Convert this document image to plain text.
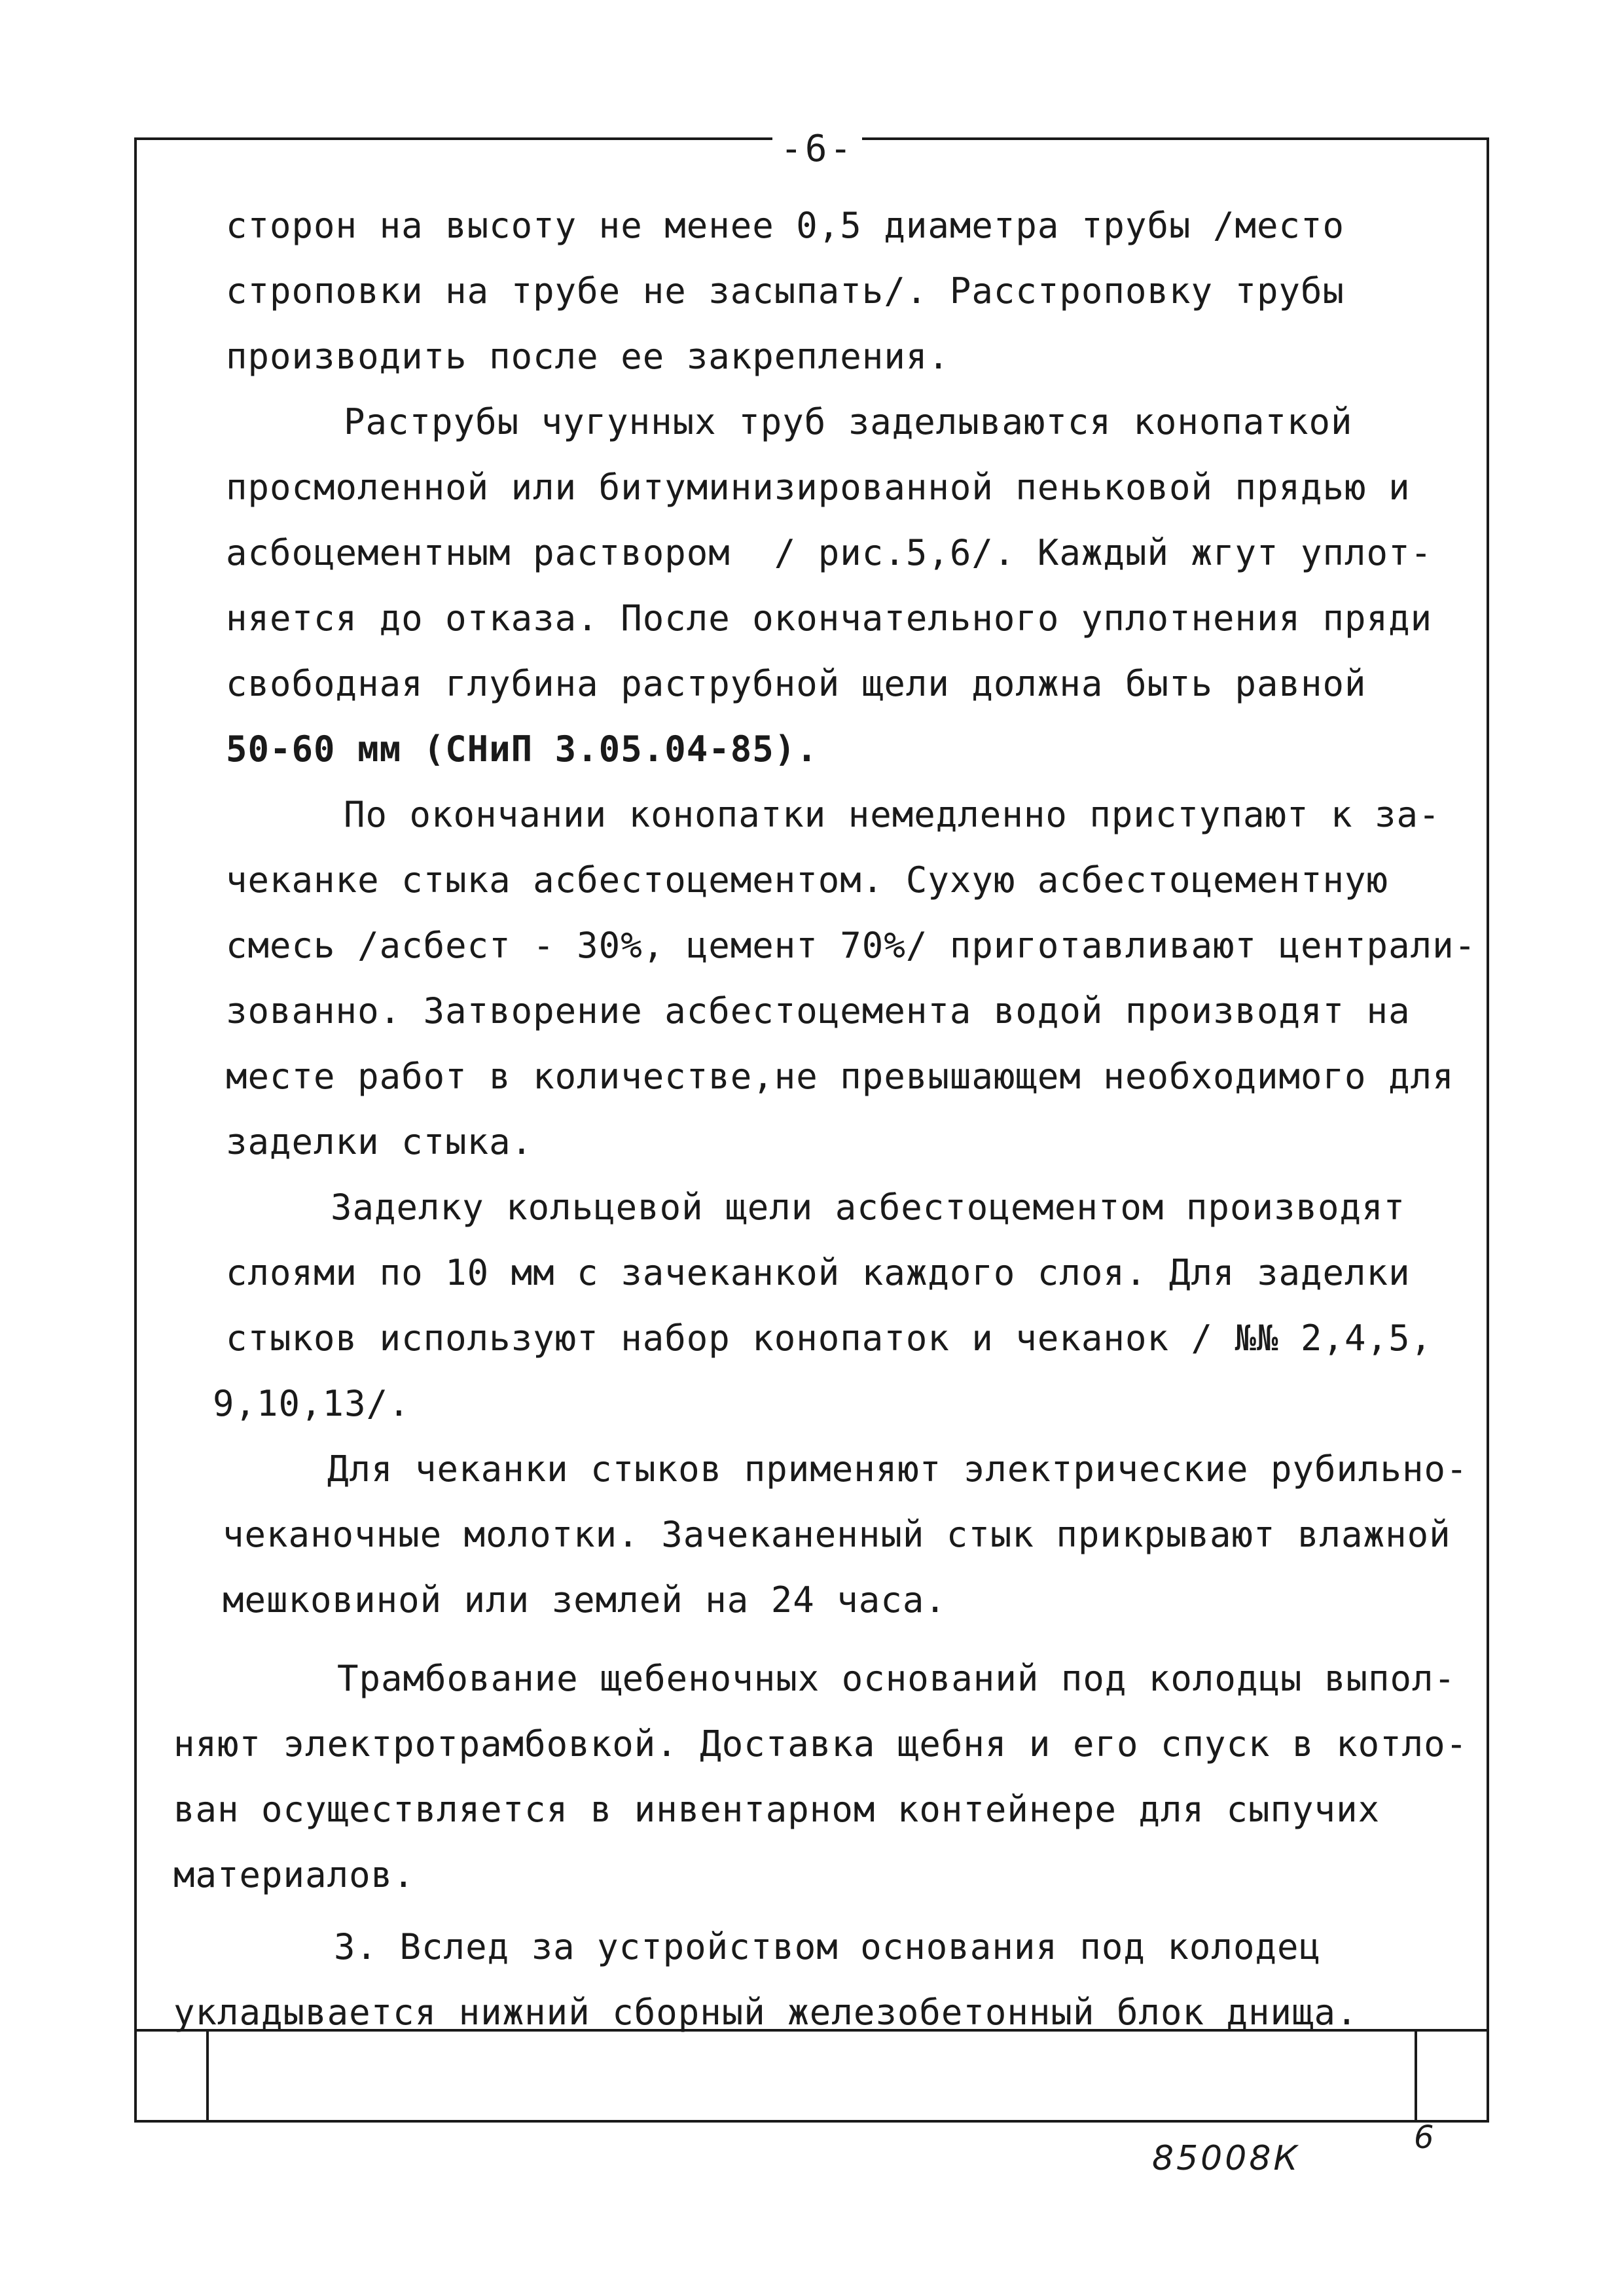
-6-
сторон на высоту не менее 0,5 диаметра трубы /место
строповки на трубе не засыпать/. Расстроповку трубы
производить после ее закрепления.
Раструбы чугунных труб заделываются конопаткой
просмоленной или битуминизированной пеньковой прядью и
асбоцементным раствором  / рис.5,6/. Каждый жгут уплот-
няется до отказа. После окончательного уплотнения пряди
свободная глубина раструбной щели должна быть равной
50-60 мм (СНиП 3.05.04-85).
По окончании конопатки немедленно приступают к за-
чеканке стыка асбестоцементом. Сухую асбестоцементную
смесь /асбест - 30%, цемент 70%/ приготавливают централи-
зованно. Затворение асбестоцемента водой производят на
месте работ в количестве,не превышающем необходимого для
заделки стыка.
Заделку кольцевой щели асбестоцементом производят
слоями по 10 мм с зачеканкой каждого слоя. Для заделки
стыков используют набор конопаток и чеканок / №№ 2,4,5,
9,10,13/.
Для чеканки стыков применяют электрические рубильно-
чеканочные молотки. Зачеканенный стык прикрывают влажной
мешковиной или землей на 24 часа.
Трамбование щебеночных оснований под колодцы выпол-
няют электротрамбовкой. Доставка щебня и его спуск в котло-
ван осуществляется в инвентарном контейнере для сыпучих
материалов.
3. Вслед за устройством основания под колодец
укладывается нижний сборный железобетонный блок днища.
85008К
6
